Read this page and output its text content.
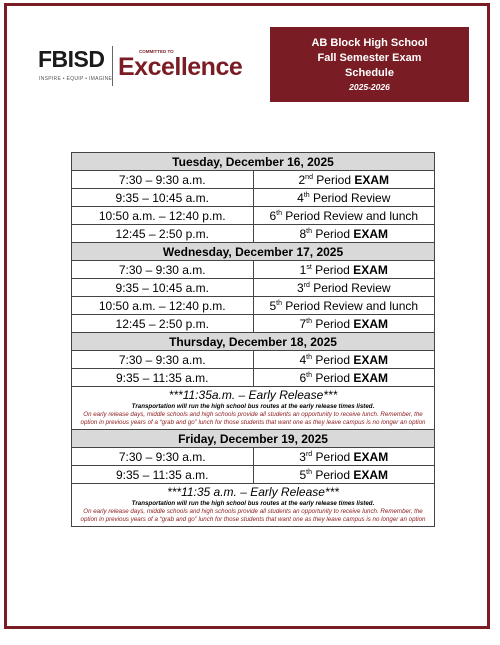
FBISD
INSPIRE • EQUIP • IMAGINE
COMMITTED TO
Excellence
AB Block High School
Fall Semester Exam
Schedule
2025-2026
Tuesday, December 16, 2025	
7:30 – 9:30 a.m.	2nd Period EXAM
9:35 – 10:45 a.m.	4th Period Review
10:50 a.m. – 12:40 p.m.	6th Period Review and lunch
12:45 – 2:50 p.m.	8th Period EXAM
Wednesday, December 17, 2025	
7:30 – 9:30 a.m.	1st Period EXAM
9:35 – 10:45 a.m.	3rd Period Review
10:50 a.m. – 12:40 p.m.	5th Period Review and lunch
12:45 – 2:50 p.m.	7th Period EXAM
Thursday, December 18, 2025	
7:30 – 9:30 a.m.	4th Period EXAM
9:35 – 11:35 a.m.	6th Period EXAM

***11:35a.m. – Early Release***
Transportation will run the high school bus routes at the early release times listed.
On early release days, middle schools and high schools provide all students an opportunity to receive lunch. Remember, the option in previous years of a “grab and go” lunch for those students that want one as they leave campus is no longer an option	

Friday, December 19, 2025	
7:30 – 9:30 a.m.	3rd Period EXAM
9:35 – 11:35 a.m.	5th Period EXAM

***11:35 a.m. – Early Release***
Transportation will run the high school bus routes at the early release times listed.
On early release days, middle schools and high schools provide all students an opportunity to receive lunch. Remember, the option in previous years of a “grab and go” lunch for those students that want one as they leave campus is no longer an option	
